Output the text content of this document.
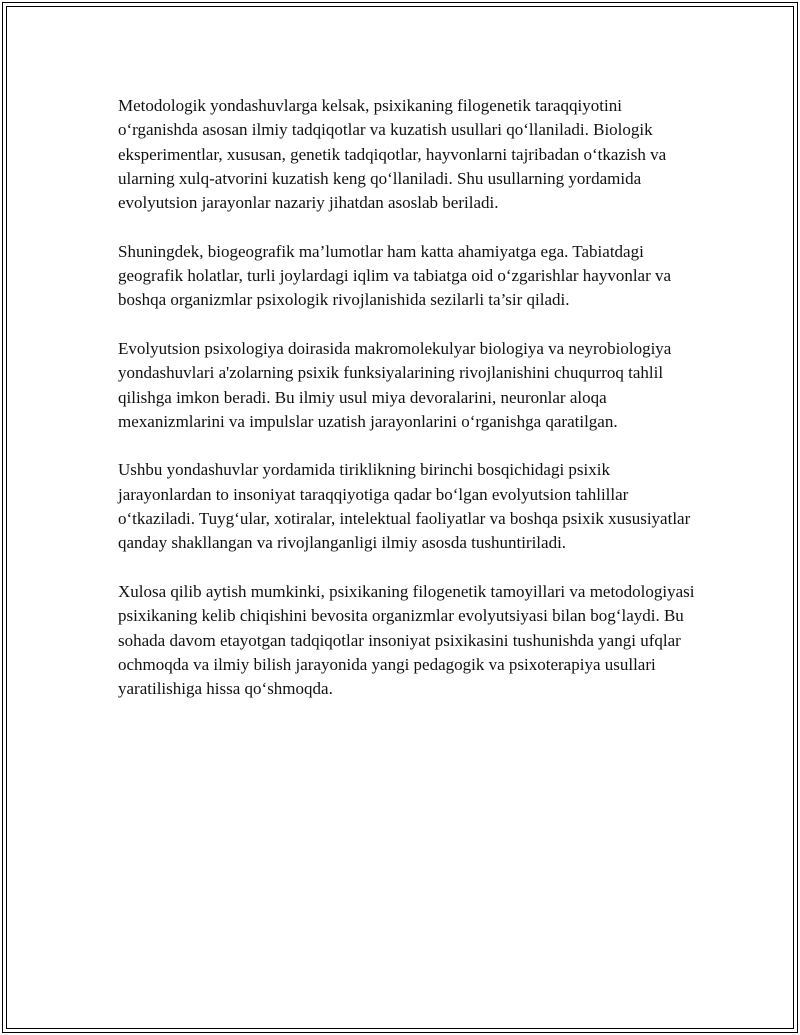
Metodologik yondashuvlarga kelsak, psixikaning filogenetik taraqqiyotini o‘rganishda asosan ilmiy tadqiqotlar va kuzatish usullari qo‘llaniladi. Biologik eksperimentlar, xususan, genetik tadqiqotlar, hayvonlarni tajribadan o‘tkazish va ularning xulq-atvorini kuzatish keng qo‘llaniladi. Shu usullarning yordamida evolyutsion jarayonlar nazariy jihatdan asoslab beriladi.

Shuningdek, biogeografik ma’lumotlar ham katta ahamiyatga ega. Tabiatdagi geografik holatlar, turli joylardagi iqlim va tabiatga oid o‘zgarishlar hayvonlar va boshqa organizmlar psixologik rivojlanishida sezilarli ta’sir qiladi.

Evolyutsion psixologiya doirasida makromolekulyar biologiya va neyrobiologiya yondashuvlari a'zolarning psixik funksiyalarining rivojlanishini chuqurroq tahlil qilishga imkon beradi. Bu ilmiy usul miya devoralarini, neuronlar aloqa mexanizmlarini va impulslar uzatish jarayonlarini o‘rganishga qaratilgan.

Ushbu yondashuvlar yordamida tiriklikning birinchi bosqichidagi psixik jarayonlardan to insoniyat taraqqiyotiga qadar bo‘lgan evolyutsion tahlillar o‘tkaziladi. Tuyg‘ular, xotiralar, intelektual faoliyatlar va boshqa psixik xususiyatlar qanday shakllangan va rivojlanganligi ilmiy asosda tushuntiriladi.

Xulosa qilib aytish mumkinki, psixikaning filogenetik tamoyillari va metodologiyasi psixikaning kelib chiqishini bevosita organizmlar evolyutsiyasi bilan bog‘laydi. Bu sohada davom etayotgan tadqiqotlar insoniyat psixikasini tushunishda yangi ufqlar ochmoqda va ilmiy bilish jarayonida yangi pedagogik va psixoterapiya usullari yaratilishiga hissa qo‘shmoqda.
